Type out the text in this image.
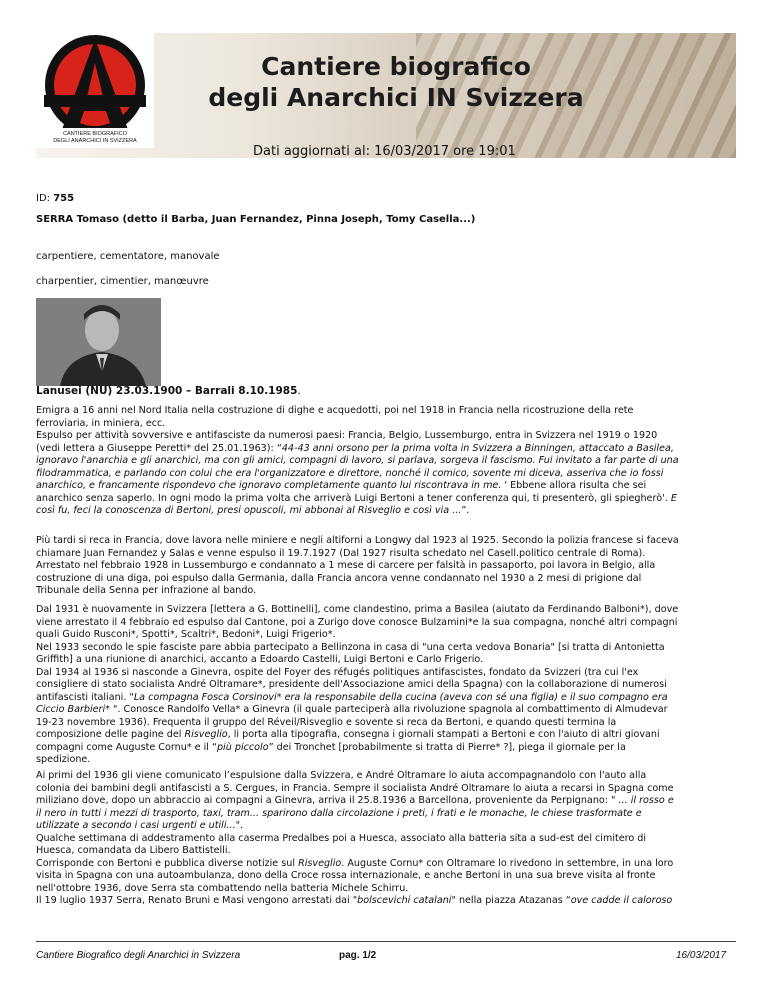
CANTIERE BIOGRAFICO
DEGLI ANARCHICI IN SVIZZERA
Cantiere biografico
degli Anarchici IN Svizzera
Dati aggiornati al: 16/03/2017 ore 19:01
ID: 755
SERRA Tomaso (detto il Barba, Juan Fernandez, Pinna Joseph, Tomy Casella...)
carpentiere, cementatore, manovale
charpentier, cimentier, manœuvre
Lanusei (NU) 23.03.1900 – Barrali 8.10.1985.

Emigra a 16 anni nel Nord Italia nella costruzione di dighe e acquedotti, poi nel 1918 in Francia nella ricostruzione della rete

ferroviaria, in miniera, ecc.

Espulso per attività sovversive e antifasciste da numerosi paesi: Francia, Belgio, Lussemburgo, entra in Svizzera nel 1919 o 1920

(vedi lettera a Giuseppe Peretti* del 25.01.1963): “44-43 anni orsono per la prima volta in Svizzera a Binningen, attaccato a Basilea,

ignoravo l'anarchia e gli anarchici, ma con gli amici, compagni di lavoro, si parlava, sorgeva il fascismo. Fui invitato a far parte di una

filodrammatica, e parlando con colui che era l'organizzatore e direttore, nonché il comico, sovente mi diceva, asseriva che io fossi

anarchico, e francamente rispondevo che ignoravo completamente quanto lui riscontrava in me. ' Ebbene allora risulta che sei

anarchico senza saperlo. In ogni modo la prima volta che arriverà Luigi Bertoni a tener conferenza qui, ti presenterò, gli spiegherò'. E

così fu, feci la conoscenza di Bertoni, presi opuscoli, mi abbonai al Risveglio e così via ...”.

Più tardi si reca in Francia, dove lavora nelle miniere e negli altiforni a Longwy dal 1923 al 1925. Secondo la polizia francese si faceva

chiamare Juan Fernandez y Salas e venne espulso il 19.7.1927 (Dal 1927 risulta schedato nel Casell.politico centrale di Roma).

Arrestato nel febbraio 1928 in Lussemburgo e condannato a 1 mese di carcere per falsità in passaporto, poi lavora in Belgio, alla

costruzione di una diga, poi espulso dalla Germania, dalla Francia ancora venne condannato nel 1930 a 2 mesi di prigione dal

Tribunale della Senna per infrazione al bando.

Dal 1931 è nuovamente in Svizzera [lettera a G. Bottinelli], come clandestino, prima a Basilea (aiutato da Ferdinando Balboni*), dove

viene arrestato il 4 febbraio ed espulso dal Cantone, poi a Zurigo dove conosce Bulzamini*e la sua compagna, nonché altri compagni

quali Guido Rusconi*, Spotti*, Scaltri*, Bedoni*, Luigi Frigerio*.

Nel 1933 secondo le spie fasciste pare abbia partecipato a Bellinzona in casa di "una certa vedova Bonaria" [si tratta di Antonietta

Griffith] a una riunione di anarchici, accanto a Edoardo Castelli, Luigi Bertoni e Carlo Frigerio.

Dal 1934 al 1936 si nasconde a Ginevra, ospite del Foyer des réfugés politiques antifascistes, fondato da Svizzeri (tra cui l'ex

consigliere di stato socialista André Oltramare*, presidente dell'Associazione amici della Spagna) con la collaborazione di numerosi

antifascisti italiani. "La compagna Fosca Corsinovi* era la responsabile della cucina (aveva con sé una figlia) e il suo compagno era

Ciccio Barbieri* ". Conosce Randolfo Vella* a Ginevra (il quale parteciperà alla rivoluzione spagnola al combattimento di Almudevar

19-23 novembre 1936). Frequenta il gruppo del Réveil/Risveglio e sovente si reca da Bertoni, e quando questi termina la

composizione delle pagine del Risveglio, li porta alla tipografia, consegna i giornali stampati a Bertoni e con l'aiuto di altri giovani

compagni come Auguste Cornu* e il “più piccolo” dei Tronchet [probabilmente si tratta di Pierre* ?], piega il giornale per la

spedizione.

Ai primi del 1936 gli viene comunicato l’espulsione dalla Svizzera, e André Oltramare lo aiuta accompagnandolo con l'auto alla

colonia dei bambini degli antifascisti a S. Cergues, in Francia. Sempre il socialista André Oltramare lo aiuta a recarsi in Spagna come

miliziano dove, dopo un abbraccio ai compagni a Ginevra, arriva il 25.8.1936 a Barcellona, proveniente da Perpignano: " ... il rosso e

il nero in tutti i mezzi di trasporto, taxi, tram... sparirono dalla circolazione i preti, i frati e le monache, le chiese trasformate e

utilizzate a secondo i casi urgenti e utili...".

Qualche settimana di addestramento alla caserma Predalbes poi a Huesca, associato alla batteria sita a sud-est del cimitero di

Huesca, comandata da Libero Battistelli.

Corrisponde con Bertoni e pubblica diverse notizie sul Risveglio. Auguste Cornu* con Oltramare lo rivedono in settembre, in una loro

visita in Spagna con una autoambulanza, dono della Croce rossa internazionale, e anche Bertoni in una sua breve visita al fronte

nell'ottobre 1936, dove Serra sta combattendo nella batteria Michele Schirru.

Il 19 luglio 1937 Serra, Renato Bruni e Masi vengono arrestati dai "bolscevichi catalani" nella piazza Atazanas “ove cadde il caloroso

Cantiere Biografico degli Anarchici in Svizzera	pag. 1/2	16/03/2017
